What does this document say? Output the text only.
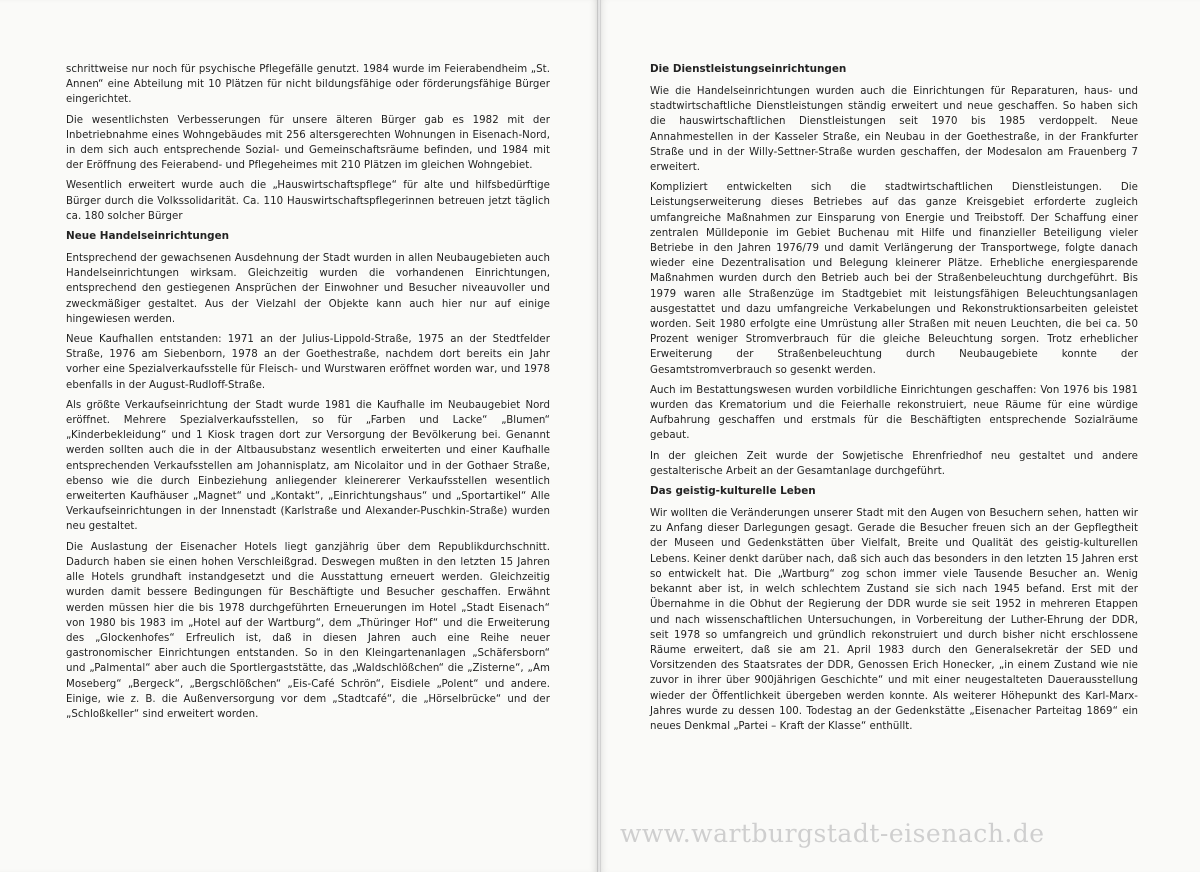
schrittweise nur noch für psychische Pflegefälle genutzt. 1984 wurde im Feierabendheim „St. Annen“ eine Abteilung mit 10 Plätzen für nicht bildungsfähige oder förderungsfähige Bürger eingerichtet.

Die wesentlichsten Verbesserungen für unsere älteren Bürger gab es 1982 mit der Inbetriebnahme eines Wohngebäudes mit 256 altersgerechten Wohnungen in Eisenach-Nord, in dem sich auch entsprechende Sozial- und Gemeinschaftsräume befinden, und 1984 mit der Eröffnung des Feierabend- und Pflegeheimes mit 210 Plätzen im gleichen Wohngebiet.

Wesentlich erweitert wurde auch die „Hauswirtschaftspflege“ für alte und hilfsbedürftige Bürger durch die Volkssolidarität. Ca. 110 Hauswirtschaftspflegerinnen betreuen jetzt täglich ca. 180 solcher Bürger

Neue Handelseinrichtungen

Entsprechend der gewachsenen Ausdehnung der Stadt wurden in allen Neubaugebieten auch Handelseinrichtungen wirksam. Gleichzeitig wurden die vorhandenen Einrichtungen, entsprechend den gestiegenen Ansprüchen der Einwohner und Besucher niveauvoller und zweckmäßiger gestaltet. Aus der Vielzahl der Objekte kann auch hier nur auf einige hingewiesen werden.

Neue Kaufhallen entstanden: 1971 an der Julius-Lippold-Straße, 1975 an der Stedtfelder Straße, 1976 am Siebenborn, 1978 an der Goethestraße, nachdem dort bereits ein Jahr vorher eine Spezialverkaufsstelle für Fleisch- und Wurstwaren eröffnet worden war, und 1978 ebenfalls in der August-Rudloff-Straße.

Als größte Verkaufseinrichtung der Stadt wurde 1981 die Kaufhalle im Neubaugebiet Nord eröffnet. Mehrere Spezialverkaufsstellen, so für „Farben und Lacke“ „Blumen“ „Kinderbekleidung“ und 1 Kiosk tragen dort zur Versorgung der Bevölkerung bei. Genannt werden sollten auch die in der Altbausubstanz wesentlich erweiterten und einer Kaufhalle entsprechenden Verkaufsstellen am Johannisplatz, am Nicolaitor und in der Gothaer Straße, ebenso wie die durch Einbeziehung anliegender kleinererer Verkaufsstellen wesentlich erweiterten Kaufhäuser „Magnet“ und „Kontakt“, „Einrichtungshaus“ und „Sportartikel“ Alle Verkaufseinrichtungen in der Innenstadt (Karlstraße und Alexander-Puschkin-Straße) wurden neu gestaltet.

Die Auslastung der Eisenacher Hotels liegt ganzjährig über dem Republikdurchschnitt. Dadurch haben sie einen hohen Verschleißgrad. Deswegen mußten in den letzten 15 Jahren alle Hotels grundhaft instandgesetzt und die Ausstattung erneuert werden. Gleichzeitig wurden damit bessere Bedingungen für Beschäftigte und Besucher geschaffen. Erwähnt werden müssen hier die bis 1978 durchgeführten Erneuerungen im Hotel „Stadt Eisenach“ von 1980 bis 1983 im „Hotel auf der Wartburg“, dem „Thüringer Hof“ und die Erweiterung des „Glockenhofes“ Erfreulich ist, daß in diesen Jahren auch eine Reihe neuer gastronomischer Einrichtungen entstanden. So in den Kleingartenanlagen „Schäfersborn“ und „Palmental“ aber auch die Sportlergaststätte, das „Waldschlößchen“ die „Zisterne“, „Am Moseberg“ „Bergeck“, „Bergschlößchen“ „Eis-Café Schrön“, Eisdiele „Polent“ und andere. Einige, wie z. B. die Außenversorgung vor dem „Stadtcafé“, die „Hörselbrücke“ und der „Schloßkeller“ sind erweitert worden.

Die Dienstleistungseinrichtungen

Wie die Handelseinrichtungen wurden auch die Einrichtungen für Reparaturen, haus- und stadtwirtschaftliche Dienstleistungen ständig erweitert und neue geschaffen. So haben sich die hauswirtschaftlichen Dienstleistungen seit 1970 bis 1985 verdoppelt. Neue Annahmestellen in der Kasseler Straße, ein Neubau in der Goethestraße, in der Frankfurter Straße und in der Willy-Settner-Straße wurden geschaffen, der Modesalon am Frauenberg 7 erweitert.

Kompliziert entwickelten sich die stadtwirtschaftlichen Dienstleistungen. Die Leistungserweiterung dieses Betriebes auf das ganze Kreisgebiet erforderte zugleich umfangreiche Maßnahmen zur Einsparung von Energie und Treibstoff. Der Schaffung einer zentralen Mülldeponie im Gebiet Buchenau mit Hilfe und finanzieller Beteiligung vieler Betriebe in den Jahren 1976/79 und damit Verlängerung der Transportwege, folgte danach wieder eine Dezentralisation und Belegung kleinerer Plätze. Erhebliche energiesparende Maßnahmen wurden durch den Betrieb auch bei der Straßenbeleuchtung durchgeführt. Bis 1979 waren alle Straßenzüge im Stadtgebiet mit leistungsfähigen Beleuchtungsanlagen ausgestattet und dazu umfangreiche Verkabelungen und Rekonstruktionsarbeiten geleistet worden. Seit 1980 erfolgte eine Umrüstung aller Straßen mit neuen Leuchten, die bei ca. 50 Prozent weniger Stromverbrauch für die gleiche Beleuchtung sorgen. Trotz erheblicher Erweiterung der Straßenbeleuchtung durch Neubaugebiete konnte der Gesamtstromverbrauch so gesenkt werden.

Auch im Bestattungswesen wurden vorbildliche Einrichtungen geschaffen: Von 1976 bis 1981 wurden das Krematorium und die Feierhalle rekonstruiert, neue Räume für eine würdige Aufbahrung geschaffen und erstmals für die Beschäftigten entsprechende Sozialräume gebaut.

In der gleichen Zeit wurde der Sowjetische Ehrenfriedhof neu gestaltet und andere gestalterische Arbeit an der Gesamtanlage durchgeführt.

Das geistig-kulturelle Leben

Wir wollten die Veränderungen unserer Stadt mit den Augen von Besuchern sehen, hatten wir zu Anfang dieser Darlegungen gesagt. Gerade die Besucher freuen sich an der Gepflegtheit der Museen und Gedenkstätten über Vielfalt, Breite und Qualität des geistig-kulturellen Lebens. Keiner denkt darüber nach, daß sich auch das besonders in den letzten 15 Jahren erst so entwickelt hat. Die „Wartburg“ zog schon immer viele Tausende Besucher an. Wenig bekannt aber ist, in welch schlechtem Zustand sie sich nach 1945 befand. Erst mit der Übernahme in die Obhut der Regierung der DDR wurde sie seit 1952 in mehreren Etappen und nach wissenschaftlichen Untersuchungen, in Vorbereitung der Luther-Ehrung der DDR, seit 1978 so umfangreich und gründlich rekonstruiert und durch bisher nicht erschlossene Räume erweitert, daß sie am 21. April 1983 durch den Generalsekretär der SED und Vorsitzenden des Staatsrates der DDR, Genossen Erich Honecker, „in einem Zustand wie nie zuvor in ihrer über 900jährigen Geschichte“ und mit einer neugestalteten Dauerausstellung wieder der Öffentlichkeit übergeben werden konnte. Als weiterer Höhepunkt des Karl-Marx-Jahres wurde zu dessen 100. Todestag an der Gedenkstätte „Eisenacher Parteitag 1869“ ein neues Denkmal „Partei – Kraft der Klasse“ enthüllt.

www.wartburgstadt-eisenach.de
